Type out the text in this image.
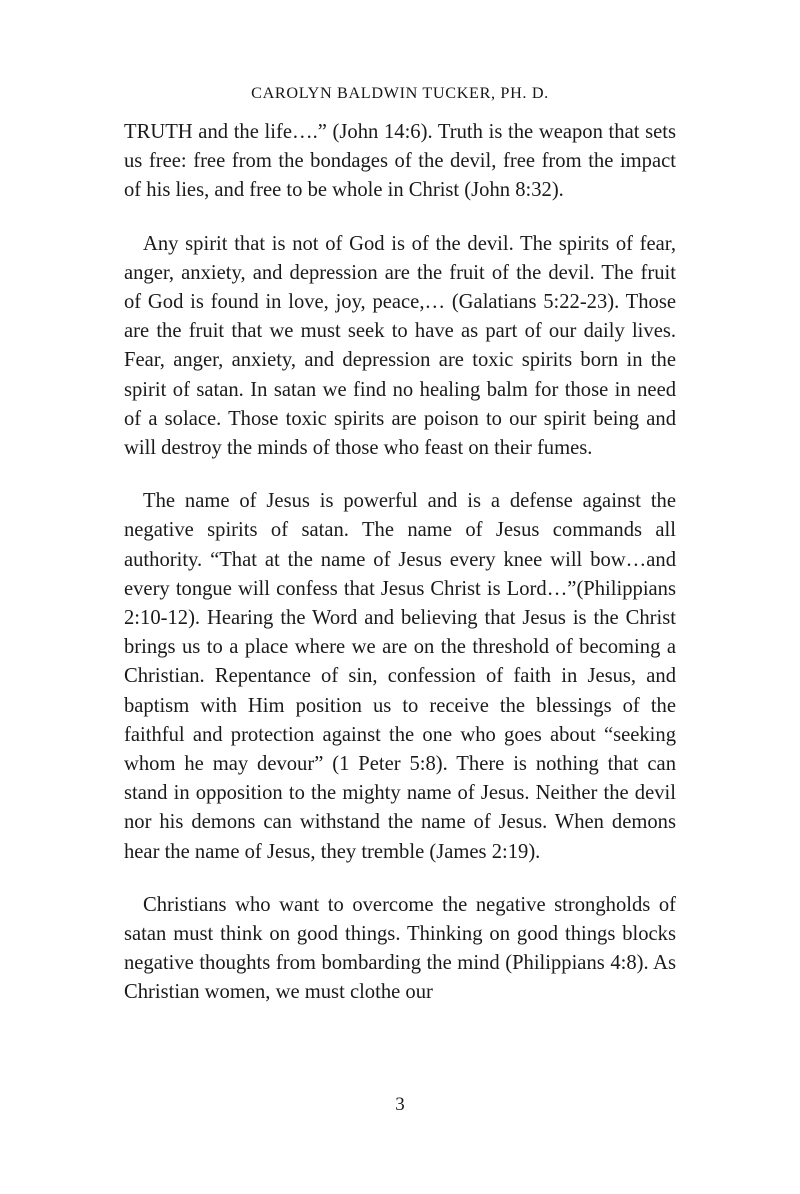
CAROLYN BALDWIN TUCKER, PH. D.

TRUTH and the life….” (John 14:6). Truth is the weapon that sets us free: free from the bondages of the devil, free from the impact of his lies, and free to be whole in Christ (John 8:32).

Any spirit that is not of God is of the devil. The spirits of fear, anger, anxiety, and depression are the fruit of the devil. The fruit of God is found in love, joy, peace,… (Galatians 5:22-23). Those are the fruit that we must seek to have as part of our daily lives. Fear, anger, anxiety, and depression are toxic spirits born in the spirit of satan. In satan we find no healing balm for those in need of a solace. Those toxic spirits are poison to our spirit being and will destroy the minds of those who feast on their fumes.

The name of Jesus is powerful and is a defense against the negative spirits of satan. The name of Jesus commands all authority. “That at the name of Jesus every knee will bow…and every tongue will confess that Jesus Christ is Lord…”(Philippians 2:10-12). Hearing the Word and believing that Jesus is the Christ brings us to a place where we are on the threshold of becoming a Christian. Repentance of sin, confession of faith in Jesus, and baptism with Him position us to receive the blessings of the faithful and protection against the one who goes about “seeking whom he may devour” (1 Peter 5:8). There is nothing that can stand in opposition to the mighty name of Jesus. Neither the devil nor his demons can withstand the name of Jesus. When demons hear the name of Jesus, they tremble (James 2:19).

Christians who want to overcome the negative strongholds of satan must think on good things. Thinking on good things blocks negative thoughts from bombarding the mind (Philippians 4:8). As Christian women, we must clothe our

3
